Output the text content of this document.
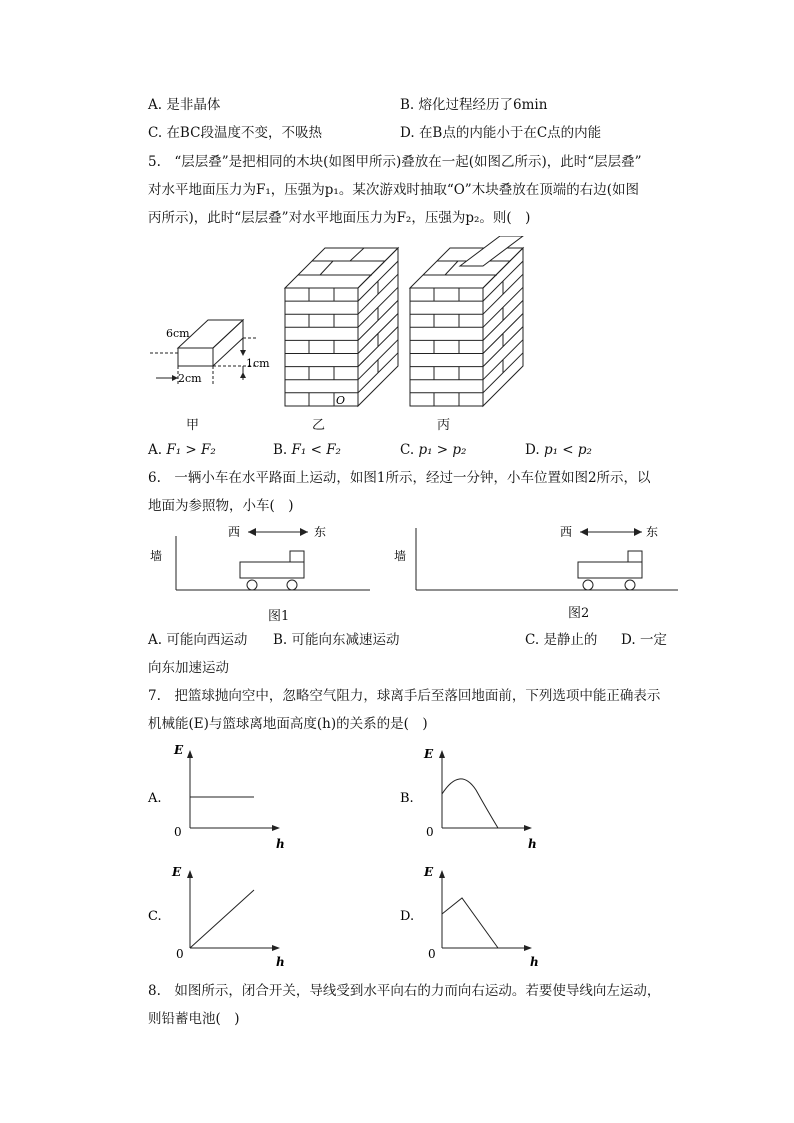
A. 是非晶体	B. 熔化过程经历了6min
C. 在BC段温度不变，不吸热	D. 在B点的内能小于在C点的内能
5.　“层层叠”是把相同的木块(如图甲所示)叠放在一起(如图乙所示)，此时“层层叠”
对水平地面压力为F₁，压强为p₁。某次游戏时抽取“O”木块叠放在顶端的右边(如图
丙所示)，此时“层层叠”对水平地面压力为F₂，压强为p₂。则(　)
6cm
1cm
2cm
O
甲	乙	丙
A. F₁ > F₂	B. F₁ < F₂	C. p₁ > p₂	D. p₁ < p₂
6.　一辆小车在水平路面上运动，如图1所示，经过一分钟，小车位置如图2所示，以
地面为参照物，小车(　)
西	东
墙
图1
西	东
墙
图2
A. 可能向西运动 B. 可能向东减速运动	C. 是静止的 D. 一定
向东加速运动
7.　把篮球抛向空中，忽略空气阻力，球离手后至落回地面前，下列选项中能正确表示
机械能(E)与篮球离地面高度(h)的关系的是(　)
A.
E
h
0
B.
E
h
0
C.
E
h
0
D.
E
h
0
8.　如图所示，闭合开关，导线受到水平向右的力而向右运动。若要使导线向左运动，
则铅蓄电池(　)
